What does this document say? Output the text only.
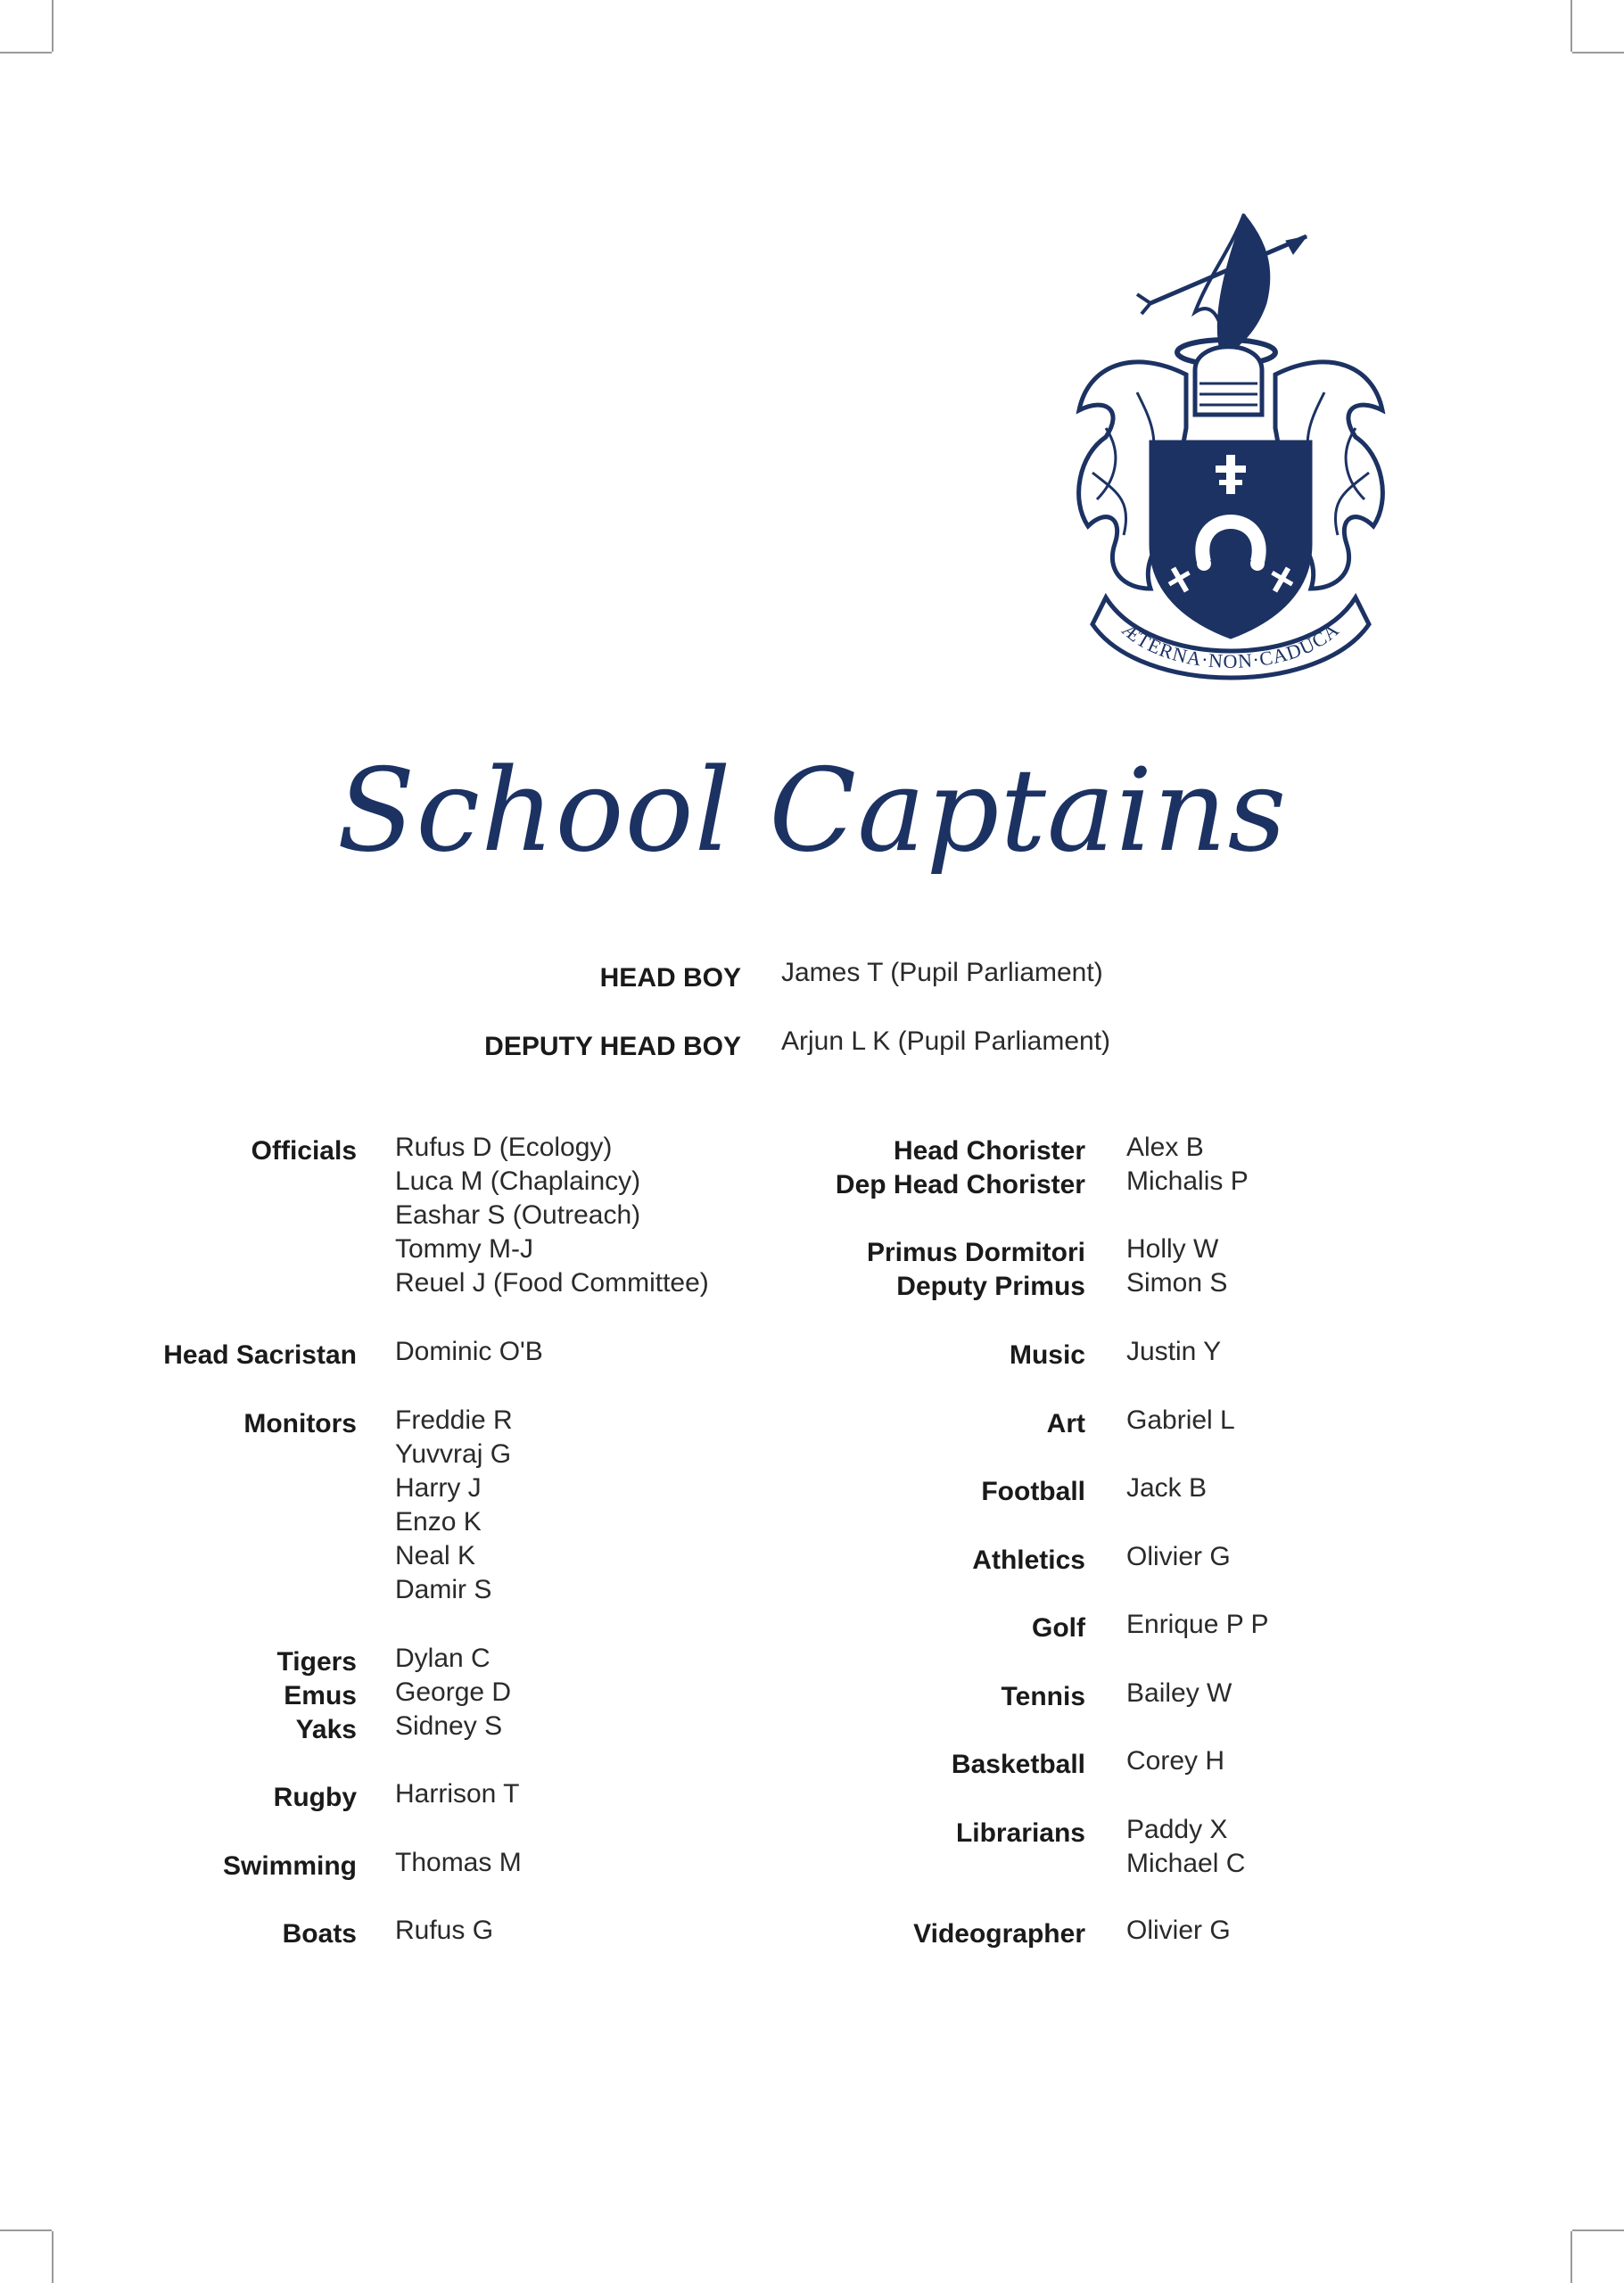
ÆTERNA·NON·CADUCA
School Captains
HEAD BOY James T (Pupil Parliament)
DEPUTY HEAD BOY Arjun L K (Pupil Parliament)
Officials Rufus D (Ecology)
Luca M (Chaplaincy)
Eashar S (Outreach)
Tommy M-J
Reuel J (Food Committee)
Head Sacristan Dominic O'B
Monitors Freddie R
Yuvvraj G
Harry J
Enzo K
Neal K
Damir S
Tigers Dylan C
Emus George D
Yaks Sidney S
Rugby Harrison T
Swimming Thomas M
Boats Rufus G
Head Chorister Alex B
Dep Head Chorister Michalis P
Primus Dormitori Holly W
Deputy Primus Simon S
Music Justin Y
Art Gabriel L
Football Jack B
Athletics Olivier G
Golf Enrique P P
Tennis Bailey W
Basketball Corey H
Librarians Paddy X
Michael C
Videographer Olivier G
